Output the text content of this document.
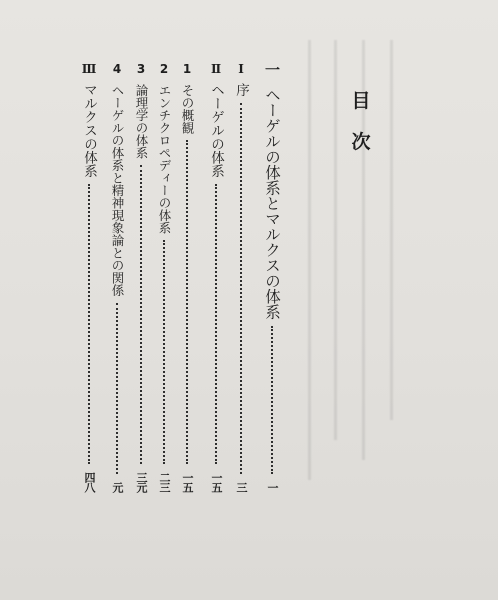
目
次
一
ヘーゲルの体系とマルクスの体系
一
Ⅰ
序
三
Ⅱ
ヘーゲルの体系
一五
1
その概観
一五
2
エンチクロペディーの体系
二三
3
論理学の体系
三元
4
ヘーゲルの体系と精神現象論との関係
元
Ⅲ
マルクスの体系
四八
